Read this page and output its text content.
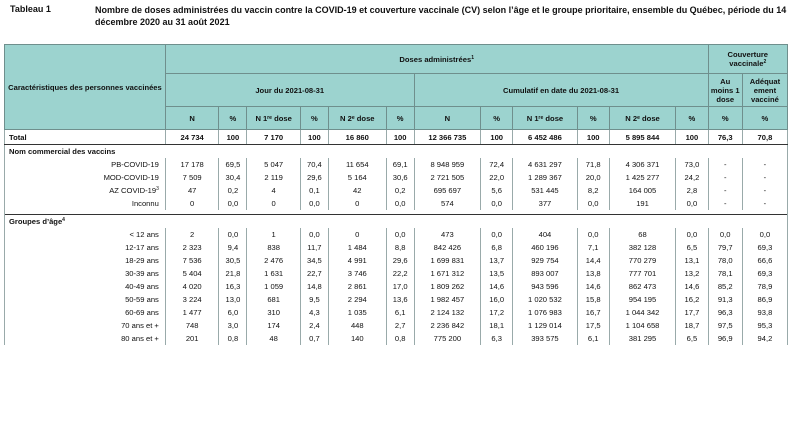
Tableau 1	Nombre de doses administrées du vaccin contre la COVID-19 et couverture vaccinale (CV) selon l’âge et le groupe prioritaire, ensemble du Québec, période du 14 décembre 2020 au 31 août 2021
Caractéristiques des personnes vaccinées	Doses administrées$^1$												Couverture vaccinale$^2$
	Jour du 2021-08-31						Cumulatif en date du 2021-08-31						Au moins 1 dose	Adéquat ement vacciné
	N	%	N 1ʳᵉ dose	%	N 2ᵉ dose	%	N	%	N 1ʳᵉ dose	%	N 2ᵉ dose	%	%	%
Total	24 734	100	7 170	100	16 860	100	12 366 735	100	6 452 486	100	5 895 844	100	76,3	70,8
Nom commercial des vaccins														
PB-COVID-19	17 178	69,5	5 047	70,4	11 654	69,1	8 948 959	72,4	4 631 297	71,8	4 306 371	73,0	-	-
MOD-COVID-19	7 509	30,4	2 119	29,6	5 164	30,6	2 721 505	22,0	1 289 367	20,0	1 425 277	24,2	-	-
AZ COVID-$19^3$	47	0,2	4	0,1	42	0,2	695 697	5,6	531 445	8,2	164 005	2,8	-	-
Inconnu	0	0,0	0	0,0	0	0,0	574	0,0	377	0,0	191	0,0	-	-

Groupes d’âge$^4$
< 12 ans	2	0,0	1	0,0	0	0,0	473	0,0	404	0,0	68	0,0	0,0	0,0
12-17 ans	2 323	9,4	838	11,7	1 484	8,8	842 426	6,8	460 196	7,1	382 128	6,5	79,7	69,3
18-29 ans	7 536	30,5	2 476	34,5	4 991	29,6	1 699 831	13,7	929 754	14,4	770 279	13,1	78,0	66,6
30-39 ans	5 404	21,8	1 631	22,7	3 746	22,2	1 671 312	13,5	893 007	13,8	777 701	13,2	78,1	69,3
40-49 ans	4 020	16,3	1 059	14,8	2 861	17,0	1 809 262	14,6	943 596	14,6	862 473	14,6	85,2	78,9
50-59 ans	3 224	13,0	681	9,5	2 294	13,6	1 982 457	16,0	1 020 532	15,8	954 195	16,2	91,3	86,9
60-69 ans	1 477	6,0	310	4,3	1 035	6,1	2 124 132	17,2	1 076 983	16,7	1 044 342	17,7	96,3	93,8
70 ans et +	748	3,0	174	2,4	448	2,7	2 236 842	18,1	1 129 014	17,5	1 104 658	18,7	97,5	95,3
80 ans et +	201	0,8	48	0,7	140	0,8	775 200	6,3	393 575	6,1	381 295	6,5	96,9	94,2
